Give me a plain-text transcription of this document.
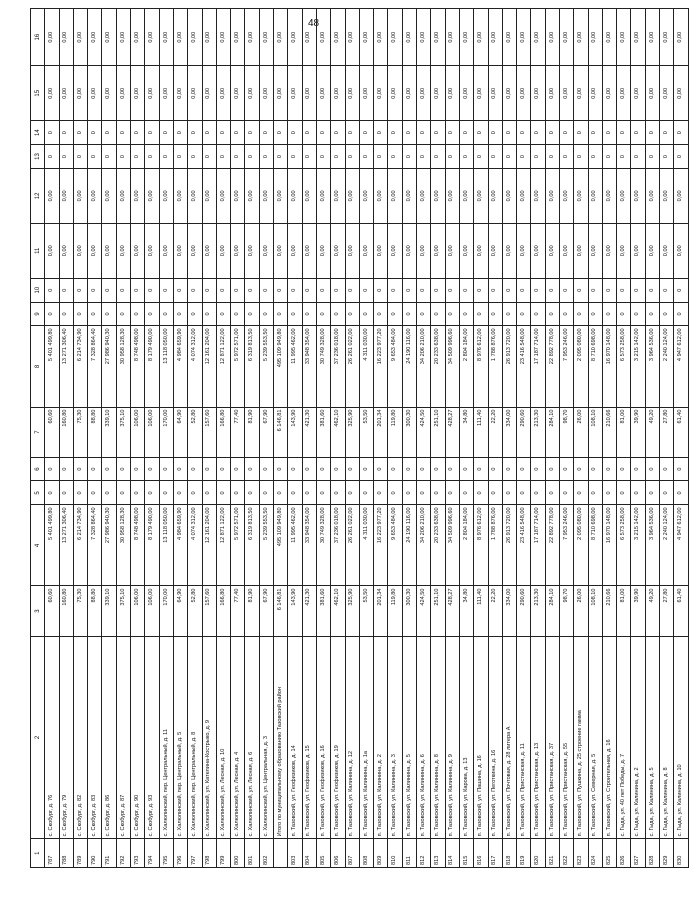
48
1	2	3	4	5	6	7	8	9	10	11	12	13	14	15	16
787	с. Скобург, д. 76	60,60	5 401 499,80	0	0	60,60	5 401 499,80	0	0	0,00	0,00	0	0	0,00	0,00
788	с. Скобург, д. 79	160,80	13 271 306,40	0	0	160,80	13 271 306,40	0	0	0,00	0,00	0	0	0,00	0,00
789	с. Скобург, д. 82	75,30	6 214 734,90	0	0	75,30	6 214 734,90	0	0	0,00	0,00	0	0	0,00	0,00
790	с. Скобург, д. 83	88,80	7 328 864,40	0	0	88,80	7 328 864,40	0	0	0,00	0,00	0	0	0,00	0,00
791	с. Скобург, д. 86	339,10	27 986 940,30	0	0	339,10	27 986 940,30	0	0	0,00	0,00	0	0	0,00	0,00
792	с. Скобург, д. 87	375,10	30 958 128,30	0	0	375,10	30 958 128,30	0	0	0,00	0,00	0	0	0,00	0,00
793	с. Скобург, д. 90	106,00	8 748 498,00	0	0	106,00	8 748 498,00	0	0	0,00	0,00	0	0	0,00	0,00
794	с. Скобург, д. 93	106,00	8 179 490,00	0	0	106,00	8 179 490,00	0	0	0,00	0,00	0	0	0,00	0,00
795	с. Халюлинский, пер. Центральный, д. 11	170,00	13 118 050,00	0	0	170,00	13 118 050,00	0	0	0,00	0,00	0	0	0,00	0,00
796	с. Халюлинский, пер. Центральный, д. 5	64,90	4 984 659,90	0	0	64,90	4 984 659,90	0	0	0,00	0,00	0	0	0,00	0,00
797	с. Халюлинский, пер. Центральный, д. 8	52,80	4 074 312,00	0	0	52,80	4 074 312,00	0	0	0,00	0,00	0	0	0,00	0,00
798	с. Халюлинский, ул. Кателина-Кострыко, д. 9	157,60	12 161 204,00	0	0	157,60	12 161 204,00	0	0	0,00	0,00	0	0	0,00	0,00
799	с. Халюлинский, ул. Лесная, д. 10	166,80	12 871 122,00	0	0	166,80	12 871 122,00	0	0	0,00	0,00	0	0	0,00	0,00
800	с. Халюлинский, ул. Лесная, д. 4	77,40	5 972 571,00	0	0	77,40	5 972 571,00	0	0	0,00	0,00	0	0	0,00	0,00
801	с. Халюлинский, ул. Лесная, д. 6	81,90	6 319 813,50	0	0	81,90	6 319 813,50	0	0	0,00	0,00	0	0	0,00	0,00
802	с. Халюлинский, ул. Центральная, д. 3	67,90	5 239 553,50	0	0	67,90	5 239 553,50	0	0	0,00	0,00	0	0	0,00	0,00
	Итого по муниципальному образованию Тазовский район	6 146,81	495 109 949,80	0	0	6 146,81	495 109 949,80	0	0	0,00	0,00	0	0	0,00	0,00
803	п. Тазовский, ул. Геофизиков, д. 14	143,90	11 995 462,00	0	0	143,90	11 995 462,00	0	0	0,00	0,00	0	0	0,00	0,00
804	п. Тазовский, ул. Геофизиков, д. 15	421,30	33 948 354,00	0	0	421,30	33 948 354,00	0	0	0,00	0,00	0	0	0,00	0,00
805	п. Тазовский, ул. Геофизиков, д. 16	381,60	30 749 328,00	0	0	381,60	30 749 328,00	0	0	0,00	0,00	0	0	0,00	0,00
806	п. Тазовский, ул. Геофизиков, д. 19	462,10	37 236 018,00	0	0	462,10	37 236 018,00	0	0	0,00	0,00	0	0	0,00	0,00
807	п. Тазовский, ул. Калинина, д. 12	325,90	26 261 022,00	0	0	325,90	26 261 022,00	0	0	0,00	0,00	0	0	0,00	0,00
808	п. Тазовский, ул. Калинина, д. 1а	53,50	4 311 030,00	0	0	53,50	4 311 030,00	0	0	0,00	0,00	0	0	0,00	0,00
809	п. Тазовский, ул. Калинина, д. 2	201,34	16 223 977,20	0	0	201,34	16 223 977,20	0	0	0,00	0,00	0	0	0,00	0,00
810	п. Тазовский, ул. Калинина, д. 3	119,80	9 653 484,00	0	0	119,80	9 653 484,00	0	0	0,00	0,00	0	0	0,00	0,00
811	п. Тазовский, ул. Калинина, д. 5	300,30	24 190 116,00	0	0	300,30	24 190 116,00	0	0	0,00	0,00	0	0	0,00	0,00
812	п. Тазовский, ул. Калинина, д. 6	424,50	34 206 210,00	0	0	424,50	34 206 210,00	0	0	0,00	0,00	0	0	0,00	0,00
813	п. Тазовский, ул. Калинина, д. 8	251,10	20 233 638,00	0	0	251,10	20 233 638,00	0	0	0,00	0,00	0	0	0,00	0,00
814	п. Тазовский, ул. Калинина, д. 9	428,27	34 509 996,60	0	0	428,27	34 509 996,60	0	0	0,00	0,00	0	0	0,00	0,00
815	п. Тазовский, ул. Карова, д. 13	34,80	2 804 184,00	0	0	34,80	2 804 184,00	0	0	0,00	0,00	0	0	0,00	0,00
816	п. Тазовский, ул. Пашина, д. 16	111,40	8 976 612,00	0	0	111,40	8 976 612,00	0	0	0,00	0,00	0	0	0,00	0,00
817	п. Тазовский, ул. Пеготкина, д. 16	22,20	1 788 876,00	0	0	22,20	1 788 876,00	0	0	0,00	0,00	0	0	0,00	0,00
818	п. Тазовский, ул. Почтовая, д. 28 литера А	334,00	26 913 720,00	0	0	334,00	26 913 720,00	0	0	0,00	0,00	0	0	0,00	0,00
819	п. Тазовский, ул. Пристанская, д. 11	290,60	23 416 548,00	0	0	290,60	23 416 548,00	0	0	0,00	0,00	0	0	0,00	0,00
820	п. Тазовский, ул. Пристанская, д. 13	213,30	17 187 714,00	0	0	213,30	17 187 714,00	0	0	0,00	0,00	0	0	0,00	0,00
821	п. Тазовский, ул. Пристанская, д. 37	284,10	22 892 778,00	0	0	284,10	22 892 778,00	0	0	0,00	0,00	0	0	0,00	0,00
822	п. Тазовский, ул. Пристанская, д. 55	98,70	7 953 246,00	0	0	98,70	7 953 246,00	0	0	0,00	0,00	0	0	0,00	0,00
823	п. Тазовский, ул. Пушкина, д. 25 строение гамма	26,00	2 095 080,00	0	0	26,00	2 095 080,00	0	0	0,00	0,00	0	0	0,00	0,00
824	п. Тазовский, ул. Северная, д. 5	108,10	8 710 698,00	0	0	108,10	8 710 698,00	0	0	0,00	0,00	0	0	0,00	0,00
825	п. Тазовский, ул. Строительная, д. 16	210,66	16 970 148,00	0	0	210,66	16 970 148,00	0	0	0,00	0,00	0	0	0,00	0,00
826	с. Гыда, ул. 40 лет Победы, д. 7	81,00	6 573 258,00	0	0	81,00	6 573 258,00	0	0	0,00	0,00	0	0	0,00	0,00
827	с. Гыда, ул. Калинина, д. 2	39,90	3 215 142,00	0	0	39,90	3 215 142,00	0	0	0,00	0,00	0	0	0,00	0,00
828	с. Гыда, ул. Калинина, д. 5	49,20	3 964 536,00	0	0	49,20	3 964 536,00	0	0	0,00	0,00	0	0	0,00	0,00
829	с. Гыда, ул. Калинина, д. 8	27,80	2 240 124,00	0	0	27,80	2 240 124,00	0	0	0,00	0,00	0	0	0,00	0,00
830	с. Гыда, ул. Калинина, д. 10	61,40	4 947 612,00	0	0	61,40	4 947 612,00	0	0	0,00	0,00	0	0	0,00	0,00
